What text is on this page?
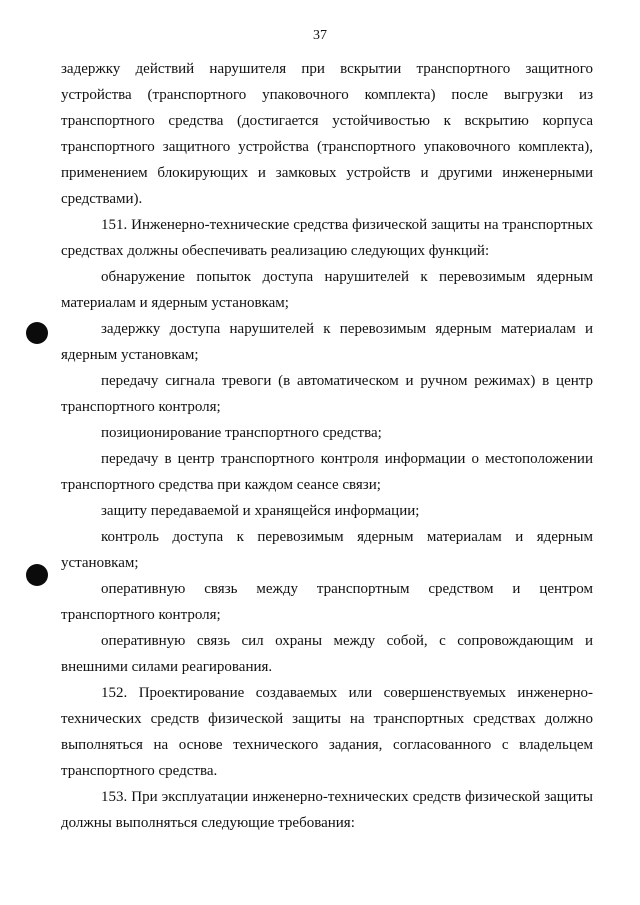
37

задержку действий нарушителя при вскрытии транспортного защитного устройства (транспортного упаковочного комплекта) после выгрузки из транспортного средства (достигается устойчивостью к вскрытию корпуса транспортного защитного устройства (транспортного упаковочного комплекта), применением блокирующих и замковых устройств и другими инженерными средствами).

151. Инженерно-технические средства физической защиты на транспортных средствах должны обеспечивать реализацию следующих функций:

обнаружение попыток доступа нарушителей к перевозимым ядерным материалам и ядерным установкам;

задержку доступа нарушителей к перевозимым ядерным материалам и ядерным установкам;

передачу сигнала тревоги (в автоматическом и ручном режимах) в центр транспортного контроля;

позиционирование транспортного средства;

передачу в центр транспортного контроля информации о местоположении транспортного средства при каждом сеансе связи;

защиту передаваемой и хранящейся информации;

контроль доступа к перевозимым ядерным материалам и ядерным установкам;

оперативную связь между транспортным средством и центром транспортного контроля;

оперативную связь сил охраны между собой, с сопровождающим и внешними силами реагирования.

152. Проектирование создаваемых или совершенствуемых инженерно-технических средств физической защиты на транспортных средствах должно выполняться на основе технического задания, согласованного с владельцем транспортного средства.

153. При эксплуатации инженерно-технических средств физической защиты должны выполняться следующие требования:
